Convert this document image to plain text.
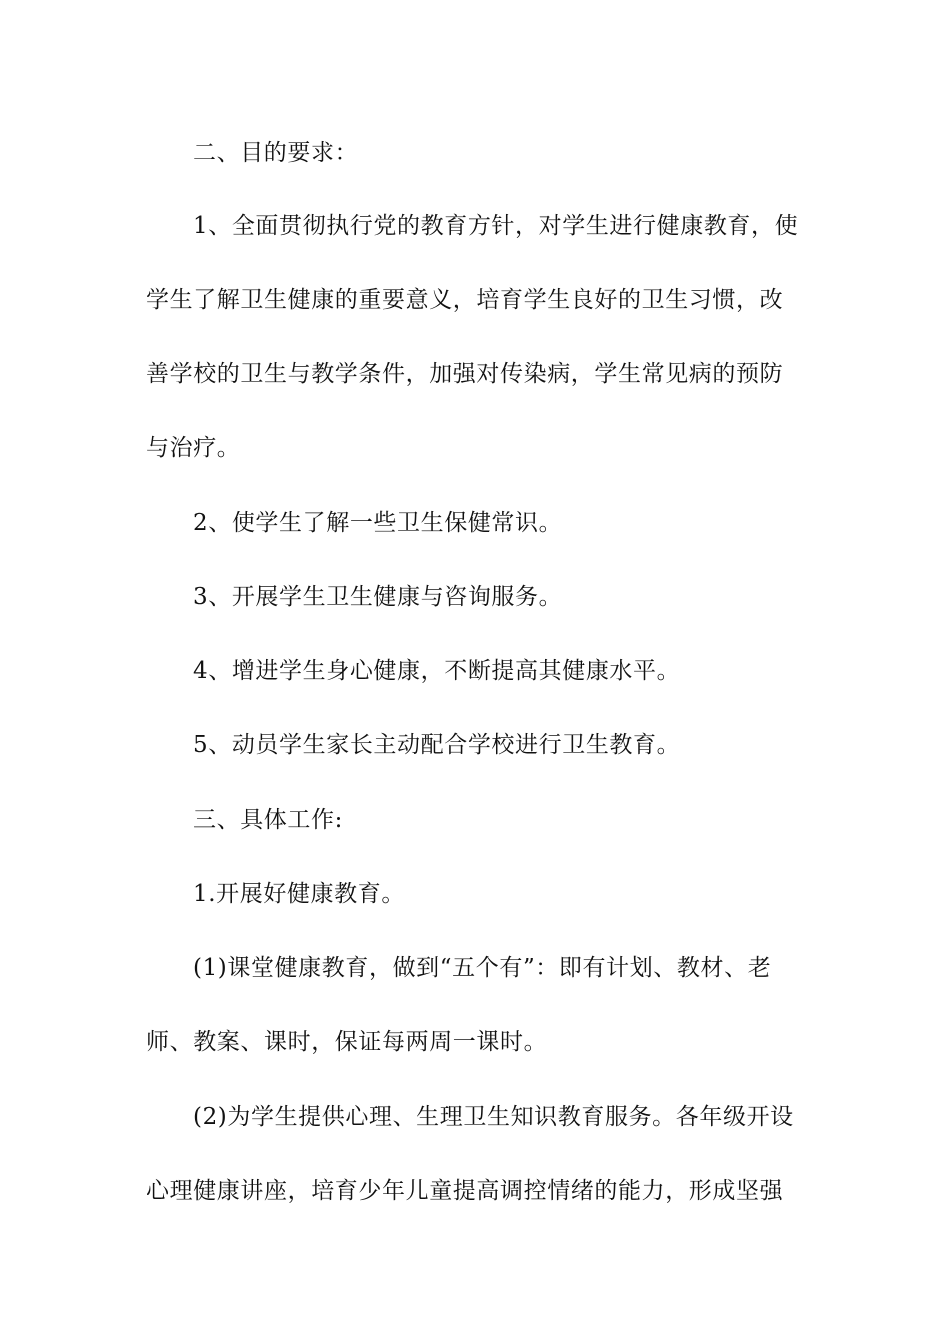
二、目的要求：
1、全面贯彻执行党的教育方针，对学生进行健康教育，使
学生了解卫生健康的重要意义，培育学生良好的卫生习惯，改
善学校的卫生与教学条件，加强对传染病，学生常见病的预防
与治疗。
2、使学生了解一些卫生保健常识。
3、开展学生卫生健康与咨询服务。
4、增进学生身心健康，不断提高其健康水平。
5、动员学生家长主动配合学校进行卫生教育。
三、具体工作:
1.开展好健康教育。
(1)课堂健康教育，做到“五个有”：即有计划、教材、老
师、教案、课时，保证每两周一课时。
(2)为学生提供心理、生理卫生知识教育服务。各年级开设
心理健康讲座，培育少年儿童提高调控情绪的能力，形成坚强
